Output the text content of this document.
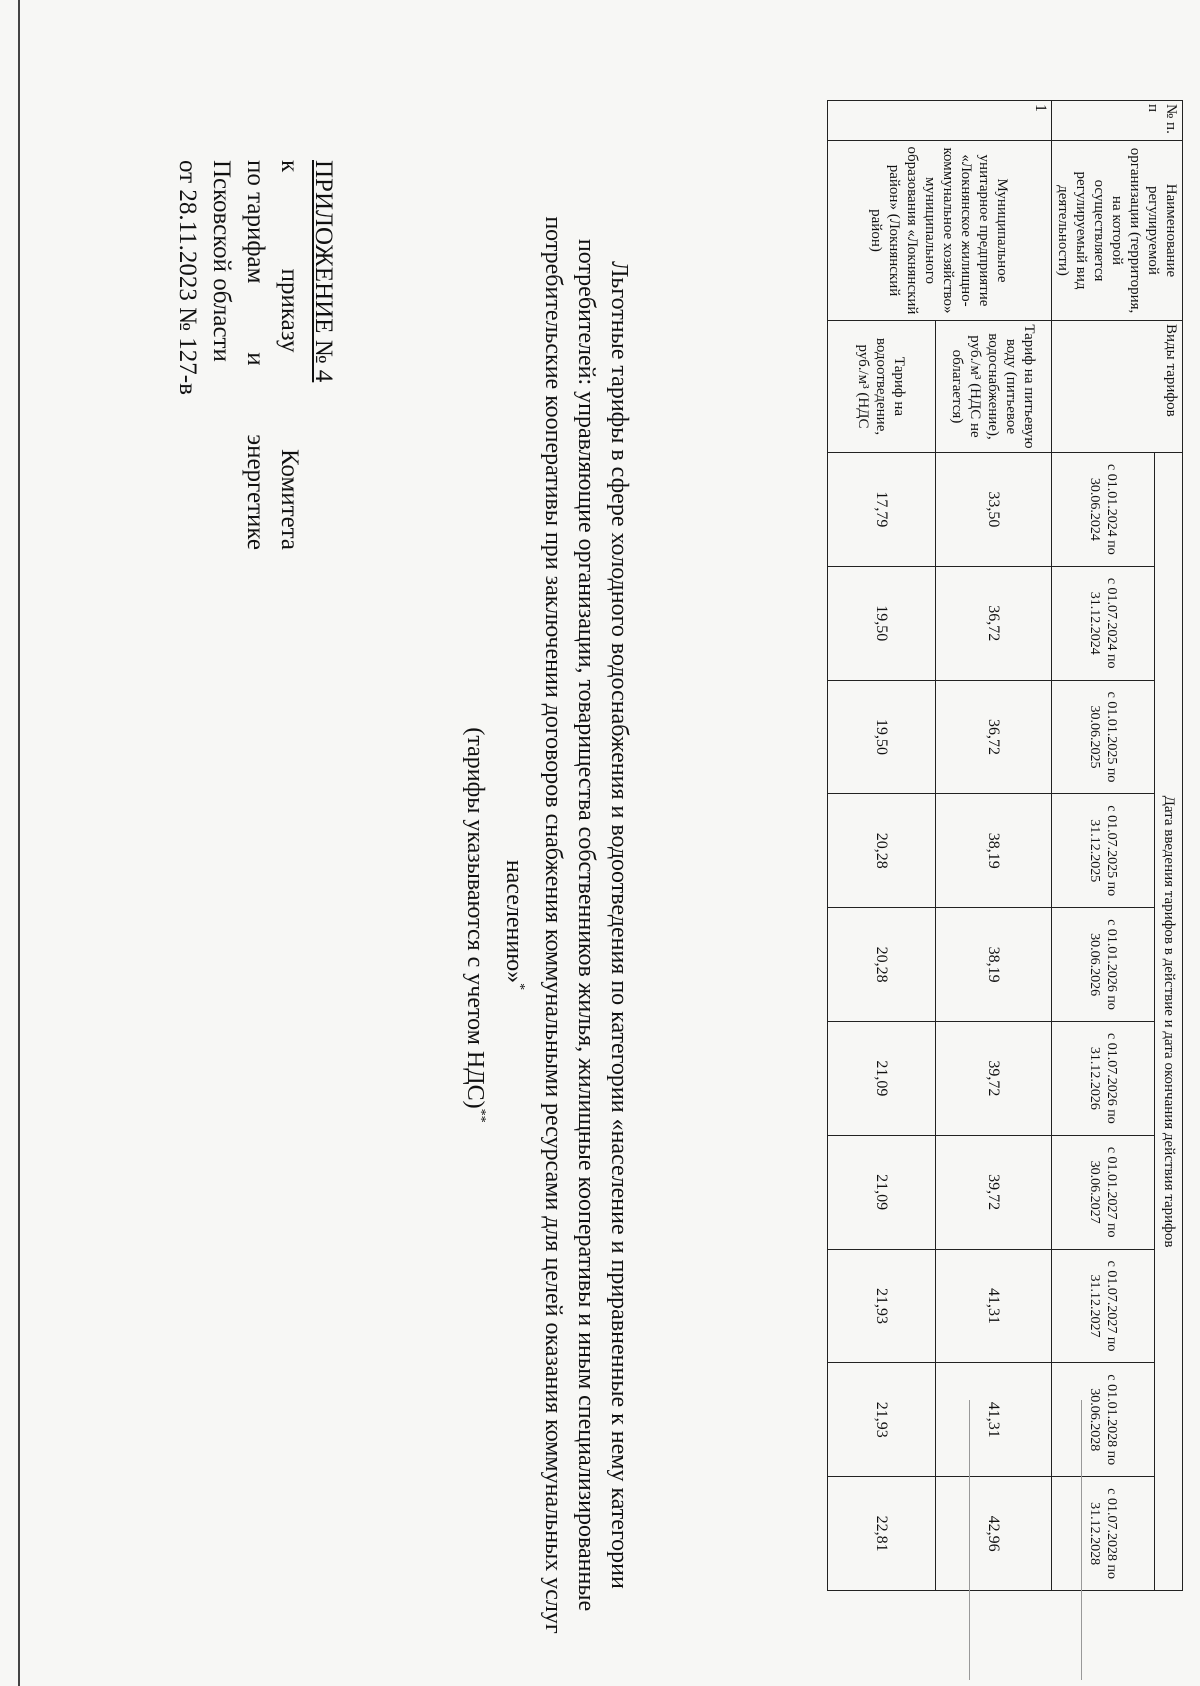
ПРИЛОЖЕНИЕ № 4
к
приказу
Комитета
по тарифам
и
энергетике
Псковской области
от 28.11.2023 № 127-в	Льготные тарифы в сфере холодного водоснабжения и водоотведения по категории «население и приравненные к нему категории потребителей: управляющие организации, товарищества собственников жилья, жилищные кооперативы и иным специализированные потребительские кооперативы при заключении договоров снабжения коммунальными ресурсами для целей оказания коммунальных услуг населению»*
(тарифы указываются с учетом НДС)**
№ п. п	Наименование регулируемой организации (территория, на которой осуществляется регулируемый вид деятельности)	Виды тарифов	Дата введения тарифов в действие и дата окончания действия тарифов									
			с 01.01.2024 по 30.06.2024	с 01.07.2024 по 31.12.2024	с 01.01.2025 по 30.06.2025	с 01.07.2025 по 31.12.2025	с 01.01.2026 по 30.06.2026	с 01.07.2026 по 31.12.2026	с 01.01.2027 по 30.06.2027	с 01.07.2027 по 31.12.2027	с 01.01.2028 по 30.06.2028	с 01.07.2028 по 31.12.2028
1	Муниципальное унитарное предприятие «Локнянское жилищно-коммунальное хозяйство» муниципального образования «Локнянский район» (Локнянский район)	Тариф на питьевую воду (питьевое водоснабжение), руб./м³ (НДС не облагается)	33,50	36,72	36,72	38,19	38,19	39,72	39,72	41,31	41,31	42,96
		Тариф на водоотведение, руб./м³ (НДС	17,79	19,50	19,50	20,28	20,28	21,09	21,09	21,93	21,93	22,81
